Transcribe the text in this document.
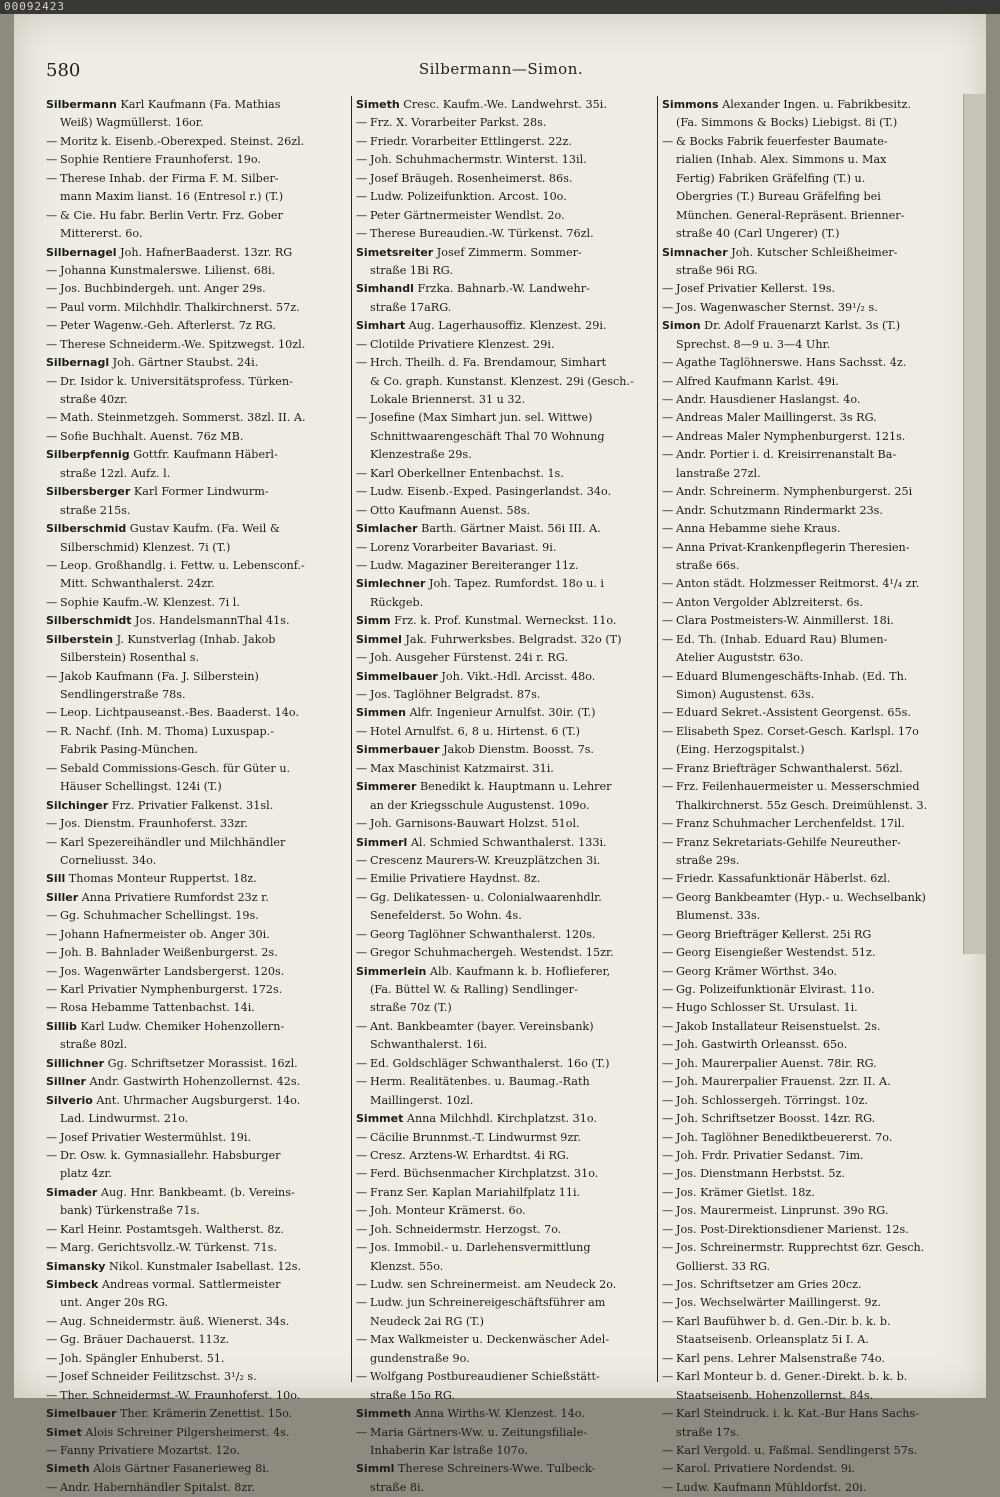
00092423
580	Silbermann—Simon.
Silbermann Karl Kaufmann (Fa. Mathias
Weiß) Wagmüllerst. 16or.
— Moritz k. Eisenb.-Oberexped. Steinst. 26zl.
— Sophie Rentiere Fraunhoferst. 19o.
— Therese Inhab. der Firma F. M. Silber-
mann Maxim lianst. 16 (Entresol r.) (T.)
— & Cie. Hu fabr. Berlin Vertr. Frz. Gober
Mittererst. 6o.
Silbernagel Joh. HafnerBaaderst. 13zr. RG
— Johanna Kunstmalerswe. Lilienst. 68i.
— Jos. Buchbindergeh. unt. Anger 29s.
— Paul vorm. Milchhdlr. Thalkirchnerst. 57z.
— Peter Wagenw.-Geh. Afterlerst. 7z RG.
— Therese Schneiderm.-We. Spitzwegst. 10zl.
Silbernagl Joh. Gärtner Staubst. 24i.
— Dr. Isidor k. Universitätsprofess. Türken-
straße 40zr.
— Math. Steinmetzgeh. Sommerst. 38zl. II. A.
— Sofie Buchhalt. Auenst. 76z MB.
Silberpfennig Gottfr. Kaufmann Häberl-
straße 12zl. Aufz. l.
Silbersberger Karl Former Lindwurm-
straße 215s.
Silberschmid Gustav Kaufm. (Fa. Weil &
Silberschmid) Klenzest. 7i (T.)
— Leop. Großhandlg. i. Fettw. u. Lebensconf.-
Mitt. Schwanthalerst. 24zr.
— Sophie Kaufm.-W. Klenzest. 7i l.
Silberschmidt Jos. HandelsmannThal 41s.
Silberstein J. Kunstverlag (Inhab. Jakob
Silberstein) Rosenthal s.
— Jakob Kaufmann (Fa. J. Silberstein)
Sendlingerstraße 78s.
— Leop. Lichtpauseanst.-Bes. Baaderst. 14o.
— R. Nachf. (Inh. M. Thoma) Luxuspap.-
Fabrik Pasing-München.
— Sebald Commissions-Gesch. für Güter u.
Häuser Schellingst. 124i (T.)
Silchinger Frz. Privatier Falkenst. 31sl.
— Jos. Dienstm. Fraunhoferst. 33zr.
— Karl Spezereihändler und Milchhändler
Corneliusst. 34o.
Sill Thomas Monteur Ruppertst. 18z.
Siller Anna Privatiere Rumfordst 23z r.
— Gg. Schuhmacher Schellingst. 19s.
— Johann Hafnermeister ob. Anger 30i.
— Joh. B. Bahnlader Weißenburgerst. 2s.
— Jos. Wagenwärter Landsbergerst. 120s.
— Karl Privatier Nymphenburgerst. 172s.
— Rosa Hebamme Tattenbachst. 14i.
Sillib Karl Ludw. Chemiker Hohenzollern-
straße 80zl.
Sillichner Gg. Schriftsetzer Morassist. 16zl.
Sillner Andr. Gastwirth Hohenzollernst. 42s.
Silverio Ant. Uhrmacher Augsburgerst. 14o.
Lad. Lindwurmst. 21o.
— Josef Privatier Westermühlst. 19i.
— Dr. Osw. k. Gymnasiallehr. Habsburger
platz 4zr.
Simader Aug. Hnr. Bankbeamt. (b. Vereins-
bank) Türkenstraße 71s.
— Karl Heinr. Postamtsgeh. Waltherst. 8z.
— Marg. Gerichtsvollz.-W. Türkenst. 71s.
Simansky Nikol. Kunstmaler Isabellast. 12s.
Simbeck Andreas vormal. Sattlermeister
unt. Anger 20s RG.
— Aug. Schneidermstr. äuß. Wienerst. 34s.
— Gg. Bräuer Dachauerst. 113z.
— Joh. Spängler Enhuberst. 51.
— Josef Schneider Feilitzschst. 3¹/₂ s.
— Ther. Schneidermst.-W. Fraunhoferst. 10o.
Simelbauer Ther. Krämerin Zenettist. 15o.
Simet Alois Schreiner Pilgersheimerst. 4s.
— Fanny Privatiere Mozartst. 12o.
Simeth Alois Gärtner Fasanerieweg 8i.
— Andr. Habernhändler Spitalst. 8zr.
Simeth Cresc. Kaufm.-We. Landwehrst. 35i.
— Frz. X. Vorarbeiter Parkst. 28s.
— Friedr. Vorarbeiter Ettlingerst. 22z.
— Joh. Schuhmachermstr. Winterst. 13il.
— Josef Bräugeh. Rosenheimerst. 86s.
— Ludw. Polizeifunktion. Arcost. 10o.
— Peter Gärtnermeister Wendlst. 2o.
— Therese Bureaudien.-W. Türkenst. 76zl.
Simetsreiter Josef Zimmerm. Sommer-
straße 1Bi RG.
Simhandl Frzka. Bahnarb.-W. Landwehr-
straße 17aRG.
Simhart Aug. Lagerhausoffiz. Klenzest. 29i.
— Clotilde Privatiere Klenzest. 29i.
— Hrch. Theilh. d. Fa. Brendamour, Simhart
& Co. graph. Kunstanst. Klenzest. 29i (Gesch.-
Lokale Briennerst. 31 u 32.
— Josefine (Max Simhart jun. sel. Wittwe)
Schnittwaarengeschäft Thal 70 Wohnung
Klenzestraße 29s.
— Karl Oberkellner Entenbachst. 1s.
— Ludw. Eisenb.-Exped. Pasingerlandst. 34o.
— Otto Kaufmann Auenst. 58s.
Simlacher Barth. Gärtner Maist. 56i III. A.
— Lorenz Vorarbeiter Bavariast. 9i.
— Ludw. Magaziner Bereiteranger 11z.
Simlechner Joh. Tapez. Rumfordst. 18o u. i
Rückgeb.
Simm Frz. k. Prof. Kunstmal. Werneckst. 11o.
Simmel Jak. Fuhrwerksbes. Belgradst. 32o (T)
— Joh. Ausgeher Fürstenst. 24i r. RG.
Simmelbauer Joh. Vikt.-Hdl. Arcisst. 48o.
— Jos. Taglöhner Belgradst. 87s.
Simmen Alfr. Ingenieur Arnulfst. 30ir. (T.)
— Hotel Arnulfst. 6, 8 u. Hirtenst. 6 (T.)
Simmerbauer Jakob Dienstm. Boosst. 7s.
— Max Maschinist Katzmairst. 31i.
Simmerer Benedikt k. Hauptmann u. Lehrer
an der Kriegsschule Augustenst. 109o.
— Joh. Garnisons-Bauwart Holzst. 51ol.
Simmerl Al. Schmied Schwanthalerst. 133i.
— Crescenz Maurers-W. Kreuzplätzchen 3i.
— Emilie Privatiere Haydnst. 8z.
— Gg. Delikatessen- u. Colonialwaarenhdlr.
Senefelderst. 5o Wohn. 4s.
— Georg Taglöhner Schwanthalerst. 120s.
— Gregor Schuhmachergeh. Westendst. 15zr.
Simmerlein Alb. Kaufmann k. b. Hoflieferer,
(Fa. Büttel W. & Ralling) Sendlinger-
straße 70z (T.)
— Ant. Bankbeamter (bayer. Vereinsbank)
Schwanthalerst. 16i.
— Ed. Goldschläger Schwanthalerst. 16o (T.)
— Herm. Realitätenbes. u. Baumag.-Rath
Maillingerst. 10zl.
Simmet Anna Milchhdl. Kirchplatzst. 31o.
— Cäcilie Brunnmst.-T. Lindwurmst 9zr.
— Cresz. Arztens-W. Erhardtst. 4i RG.
— Ferd. Büchsenmacher Kirchplatzst. 31o.
— Franz Ser. Kaplan Mariahilfplatz 11i.
— Joh. Monteur Krämerst. 6o.
— Joh. Schneidermstr. Herzogst. 7o.
— Jos. Immobil.- u. Darlehensvermittlung
Klenzst. 55o.
— Ludw. sen Schreinermeist. am Neudeck 2o.
— Ludw. jun Schreinereigeschäftsführer am
Neudeck 2ai RG (T.)
— Max Walkmeister u. Deckenwäscher Adel-
gundenstraße 9o.
— Wolfgang Postbureaudiener Schießstätt-
straße 15o RG.
Simmeth Anna Wirths-W. Klenzest. 14o.
— Maria Gärtners-Ww. u. Zeitungsfiliale-
Inhaberin Kar lstraße 107o.
Simml Therese Schreiners-Wwe. Tulbeck-
straße 8i.
Simmons Alexander Ingen. u. Fabrikbesitz.
(Fa. Simmons & Bocks) Liebigst. 8i (T.)
— & Bocks Fabrik feuerfester Baumate-
rialien (Inhab. Alex. Simmons u. Max
Fertig) Fabriken Gräfelfing (T.) u.
Obergries (T.) Bureau Gräfelfing bei
München. General-Repräsent. Brienner-
straße 40 (Carl Ungerer) (T.)
Simnacher Joh. Kutscher Schleißheimer-
straße 96i RG.
— Josef Privatier Kellerst. 19s.
— Jos. Wagenwascher Sternst. 39¹/₂ s.
Simon Dr. Adolf Frauenarzt Karlst. 3s (T.)
Sprechst. 8—9 u. 3—4 Uhr.
— Agathe Taglöhnerswe. Hans Sachsst. 4z.
— Alfred Kaufmann Karlst. 49i.
— Andr. Hausdiener Haslangst. 4o.
— Andreas Maler Maillingerst. 3s RG.
— Andreas Maler Nymphenburgerst. 121s.
— Andr. Portier i. d. Kreisirrenanstalt Ba-
lanstraße 27zl.
— Andr. Schreinerm. Nymphenburgerst. 25i
— Andr. Schutzmann Rindermarkt 23s.
— Anna Hebamme siehe Kraus.
— Anna Privat-Krankenpflegerin Theresien-
straße 66s.
— Anton städt. Holzmesser Reitmorst. 4¹/₄ zr.
— Anton Vergolder Ablzreiterst. 6s.
— Clara Postmeisters-W. Ainmillerst. 18i.
— Ed. Th. (Inhab. Eduard Rau) Blumen-
Atelier Auguststr. 63o.
— Eduard Blumengeschäfts-Inhab. (Ed. Th.
Simon) Augustenst. 63s.
— Eduard Sekret.-Assistent Georgenst. 65s.
— Elisabeth Spez. Corset-Gesch. Karlspl. 17o
(Eing. Herzogspitalst.)
— Franz Briefträger Schwanthalerst. 56zl.
— Frz. Feilenhauermeister u. Messerschmied
Thalkirchnerst. 55z Gesch. Dreimühlenst. 3.
— Franz Schuhmacher Lerchenfeldst. 17il.
— Franz Sekretariats-Gehilfe Neureuther-
straße 29s.
— Friedr. Kassafunktionär Häberlst. 6zl.
— Georg Bankbeamter (Hyp.- u. Wechselbank)
Blumenst. 33s.
— Georg Briefträger Kellerst. 25i RG
— Georg Eisengießer Westendst. 51z.
— Georg Krämer Wörthst. 34o.
— Gg. Polizeifunktionär Elvirast. 11o.
— Hugo Schlosser St. Ursulast. 1i.
— Jakob Installateur Reisenstuelst. 2s.
— Joh. Gastwirth Orleansst. 65o.
— Joh. Maurerpalier Auenst. 78ir. RG.
— Joh. Maurerpalier Frauenst. 2zr. II. A.
— Joh. Schlossergeh. Törringst. 10z.
— Joh. Schriftsetzer Boosst. 14zr. RG.
— Joh. Taglöhner Benediktbeuererst. 7o.
— Joh. Frdr. Privatier Sedanst. 7im.
— Jos. Dienstmann Herbstst. 5z.
— Jos. Krämer Gietlst. 18z.
— Jos. Maurermeist. Linprunst. 39o RG.
— Jos. Post-Direktionsdiener Marienst. 12s.
— Jos. Schreinermstr. Rupprechtst 6zr. Gesch.
Gollierst. 33 RG.
— Jos. Schriftsetzer am Gries 20cz.
— Jos. Wechselwärter Maillingerst. 9z.
— Karl Baufühwer b. d. Gen.-Dir. b. k. b.
Staatseisenb. Orleansplatz 5i I. A.
— Karl pens. Lehrer Malsenstraße 74o.
— Karl Monteur b. d. Gener.-Direkt. b. k. b.
Staatseisenb. Hohenzollernst. 84s.
— Karl Steindruck. i. k. Kat.-Bur Hans Sachs-
straße 17s.
— Karl Vergold. u. Faßmal. Sendlingerst 57s.
— Karol. Privatiere Nordendst. 9i.
— Ludw. Kaufmann Mühldorfst. 20i.
